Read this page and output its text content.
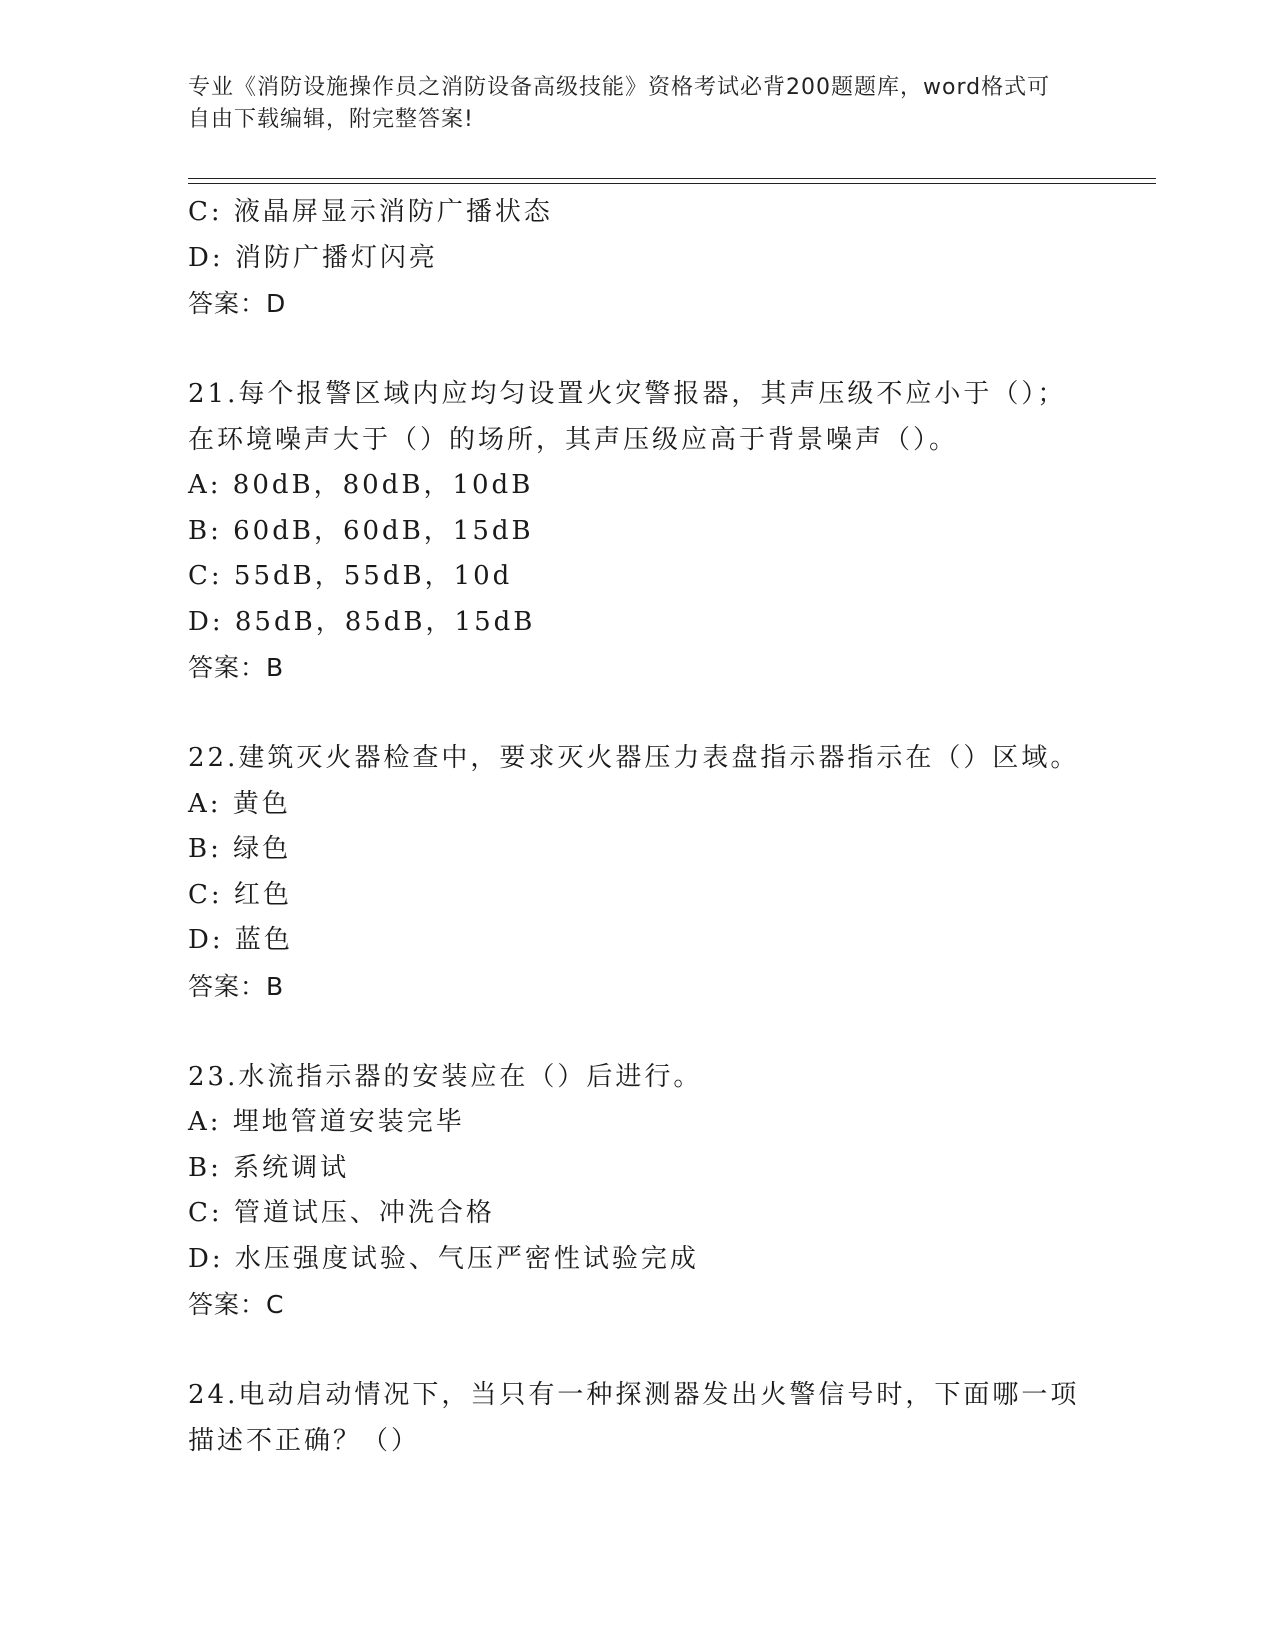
专业《消防设施操作员之消防设备高级技能》资格考试必背200题题库，word格式可自由下载编辑，附完整答案!

C: 液晶屏显示消防广播状态

D: 消防广播灯闪亮

答案：D

21.每个报警区域内应均匀设置火灾警报器，其声压级不应小于（）；

在环境噪声大于（）的场所，其声压级应高于背景噪声（）。

A: 80dB，80dB，10dB

B: 60dB，60dB，15dB

C: 55dB，55dB，10d

D: 85dB，85dB，15dB

答案：B

22.建筑灭火器检查中，要求灭火器压力表盘指示器指示在（）区域。

A: 黄色

B: 绿色

C: 红色

D: 蓝色

答案：B

23.水流指示器的安装应在（）后进行。

A: 埋地管道安装完毕

B: 系统调试

C: 管道试压、冲洗合格

D: 水压强度试验、气压严密性试验完成

答案：C

24.电动启动情况下，当只有一种探测器发出火警信号时，下面哪一项

描述不正确？（）
